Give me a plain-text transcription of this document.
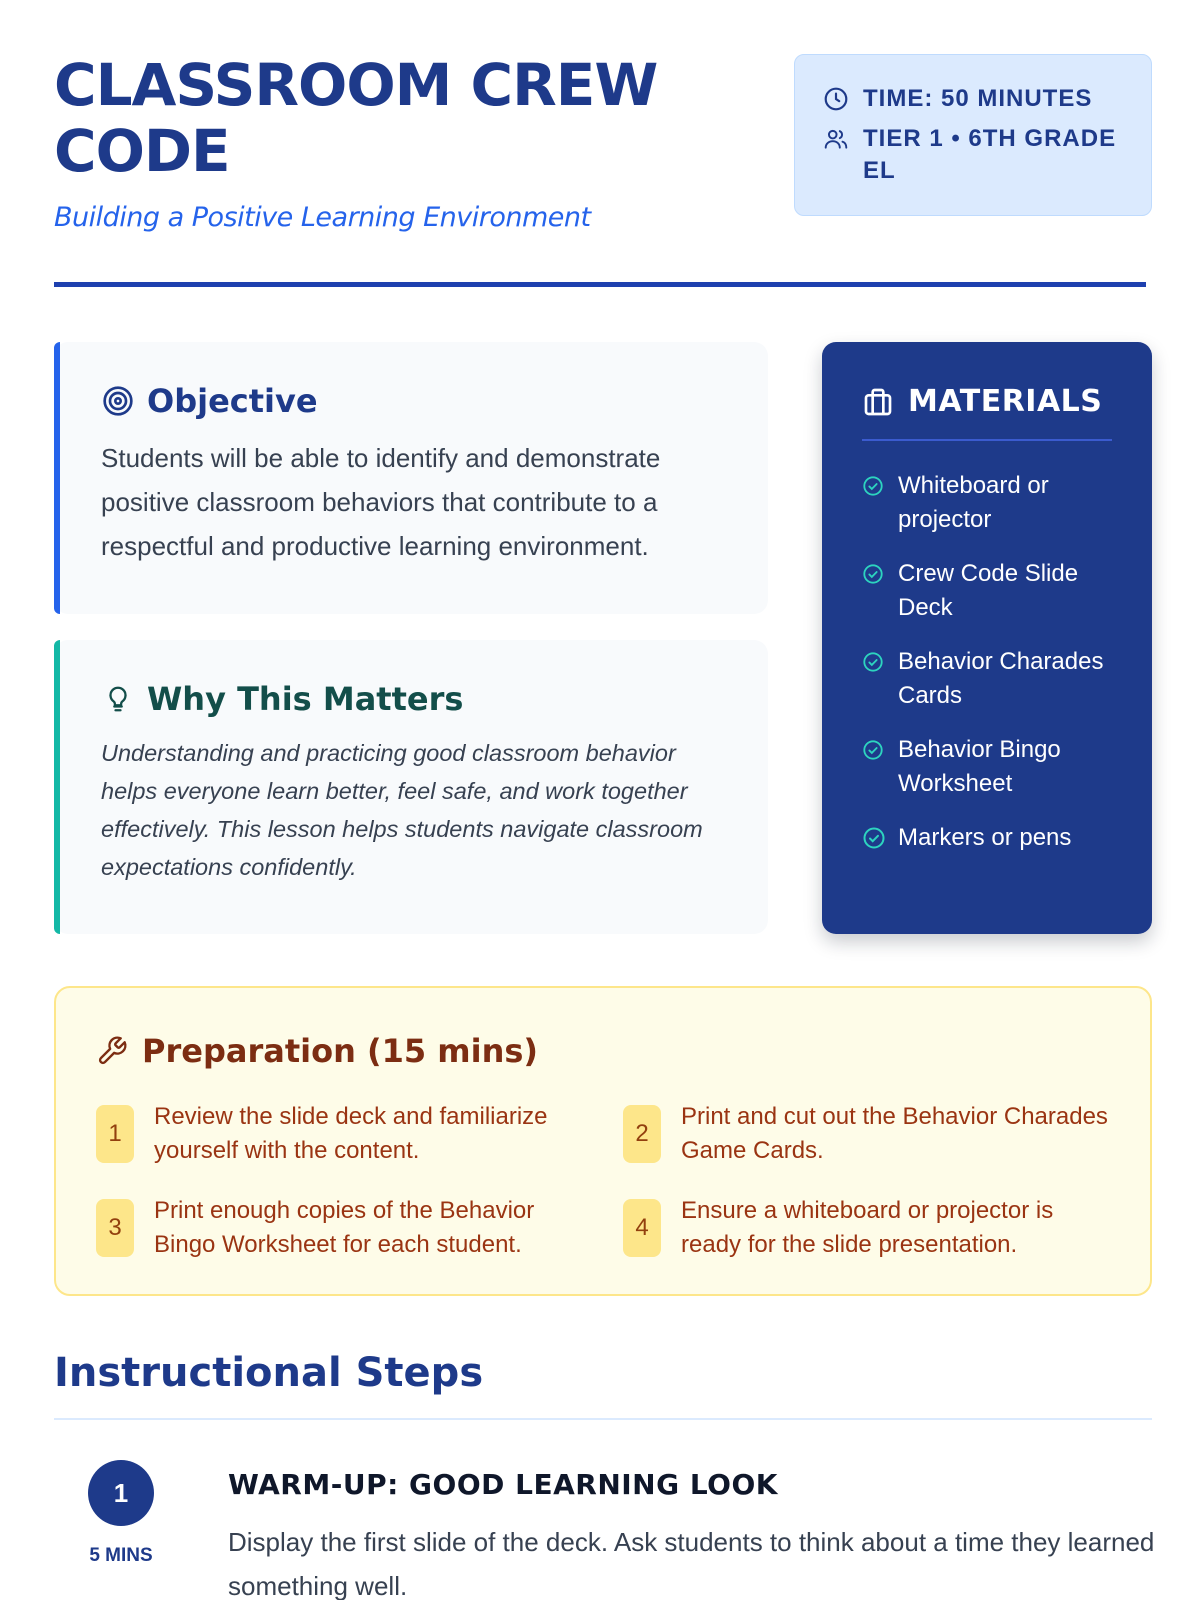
CLASSROOM CREW CODE
Building a Positive Learning Environment
TIME: 50 MINUTES
TIER 1 • 6TH GRADE EL
Objective

Students will be able to identify and demonstrate positive classroom behaviors that contribute to a respectful and productive learning environment.

Why This Matters

Understanding and practicing good classroom behavior helps everyone learn better, feel safe, and work together effectively. This lesson helps students navigate classroom expectations confidently.

MATERIALS
Whiteboard or projector
Crew Code Slide Deck
Behavior Charades Cards
Behavior Bingo Worksheet
Markers or pens
Preparation (15 mins)
1
Review the slide deck and familiarize yourself with the content.
2
Print and cut out the Behavior Charades Game Cards.
3
Print enough copies of the Behavior Bingo Worksheet for each student.
4
Ensure a whiteboard or projector is ready for the slide presentation.
Instructional Steps
1
5 MINS
WARM-UP: GOOD LEARNING LOOK

Display the first slide of the deck. Ask students to think about a time they learned something well.
